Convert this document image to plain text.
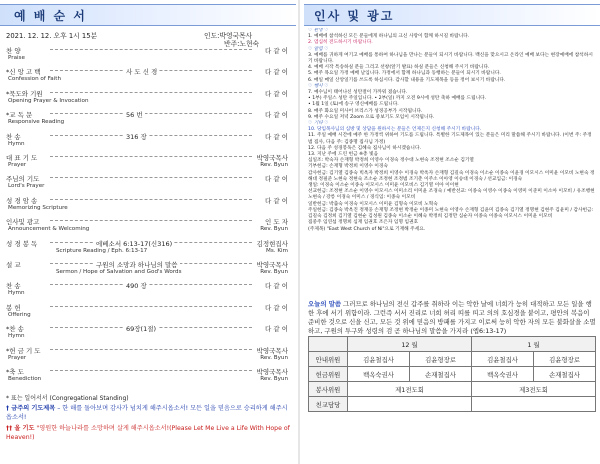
예 배 순 서
2021. 12. 12. 오후 1시 15분	인도:박영국목사
반주:노현숙
찬 양	다 같 이
Praise
*신 앙 고 백	사 도 신 경	다 같 이
Confession of Faith
*묵도와 기원	다 같 이
Opening Prayer & Invocation
*교 독 문	56 번	다 같 이
Responsive Reading
찬 송	316 장	다 같 이
Hymn
대 표 기 도	박영국목사
Prayer	Rev. Byun
주님의 기도	다 같 이
Lord's Prayer
성 경 암 송	다 같 이
Memorizing Scripture
인사및 광고	인 도 자
Announcement & Welcoming	Rev. Byun
성 경 봉 독	에베소서 6:13-17(신316)	김정현집사
Scripture Reading / Eph. 6:13-17	Ms. Kim
설 교	구원의 소망과 하나님의 말씀	박영국목사
Sermon / Hope of Salvation and God's Words	Rev. Byun
찬 송	490 장	다 같 이
Hymn
봉 헌	다 같 이
Offering
*찬 송	69장(1절)	다 같 이
Hymn
*헌 금 기 도	박영국목사
Prayer	Rev. Byun
*축 도	박영국목사
Benediction	Rev. Byun
* 표는 일어서서 (Congregational Standing)
† 금주의 기도제목 – 한 해를 돌아보며 감사가 넘치게 해주시옵소서! 모든 일을 믿음으로 승리하게 해주시옵소서!
†† 올 기도 "영원한 하늘나라를 소망하며 살게 해주시옵소서!(Please Let Me Live a Life With Hope of Heaven!)
인사 및 광고

♡ 환영 ♡

1. 예배에 참석하신 모든 분들에게 하나님의 크신 사랑이 함께 하시길 바랍니다.

2. 염심히 전도하시기 바랍니다.

♡ 알림 ♡

3. 예배를 귀하게 여기고 예배를 통하여 하나님을 만나는 분들이 되시기 바랍니다. 백신을 맞으시고 온라인 예배 보다는 현장예배에 참석하시기 바랍니다.

4. 예배 시작 특송하실 분들 그리고 선창(앞기 발표) 하실 분들은 신청해 주시기 바랍니다.

5. 매주 목요일 가정 예배 날입니다. 가정에서 함께 하나님과 동행하는 분들이 되시기 바랍니다.

6. 매일 매일 산앙일기를 쓰도록 하십시다. 감사할 내용을 기도제목을 등을 정어 보시기 바랍니다.

♡ 행사 ♡

7. 예수님이 태어나신 성탄절이 가까워 졌습니다.

• 1부) 주일스 성탄 주일입니다. • 2부(일) 까지 오전 9시에 성탄 축하 예배를 드립니다.

• 1월 1일 (토)에 송구 영신예배를 드립니다.

8. 매주 화요일 미사어 브리스가 성경공부가 시작됩니다.

9. 매주 수요일 저녁 Zoom 으로 중보기도 모임이 시작됩니다.

♡ 기타 ♡

10. 당임목사님의 심방 및 상담을 원하시는 분들은 언제든지 신청해 주시기 바랍니다.

11. 주일 예배 시간에 예주 한 가정씩 위하여 기도를 드립니다. 특별한 기도제목이 있는 분들은 미리 말씀해 주시기 바랍니다. (이번 주: 주정범 집사, 다음 주: 김종명 집사님 가정)

12. 다음 주 성경봉독은 김혜숙 집사님이 하시겠습니다.

13. 지난 주에 드린 헌금 ※총 빛음

십일조: 박숙자 손재형 박정희 이영수 이경숙 정수대 노현숙 조정현 조소순 김기열

기부헌금: 손재형 박정희 이영수 이경숙

감사헌금: 김기열 김종숙 빅옥자 박정희 이영수 이경숙 박옥자 손재형 김길숙 이경숙 이소순 이종숙 이윤경 이모시스 이미윤 이모비 노현숙 정해대 정필준 노현숙 정현숙 조소순 조정현 조정범 조기춘 이주소 이아영 이승대 이경숙 / 선교입금: 이경숙

생일: 이경숙 이소순 이종숙 이모시스 이미윤 이모비스 김기열 이아 이이현

선교헌금: 조정현 조소순 이영수 이모시스 이미소리 이미윤 조경숙 / 예반선교: 이종숙 이영수 이종숙 이영미 이준미 이소아 이모비 / 유조행현 노현숙 / 강릉 이경숙 이미스 / 경식임: 이종숙 이모비

일반헌금: 박출숙 이경숙 이모시스 이미윤 김형숙 이모비 노혁숙

주일헌금: 김종숙 박옥진 정재웅 손재형 조정현 박정순 이종미 노현숙 이영수 손재형 김윤미 김종숙 김기열 정명현 김현주 김윤미 / 감사헌금: 김길숙 김정희 김기열 김현순 김성원 김종숙 이소순 이혜숙 박정희 김정만 심순자 이종숙 이종숙 이모시스 이미윤 이모비

집중주 임연섭 정명희 심재 임권호 조은자 임명 임권호

(주제목) "East West Church of Ni"으로 기재해 주세요.

오늘의 말씀 그러므로 하나님의 전신 갑주를 취하라 이는 악한 날에 너희가 능히 대적하고 모든 일을 행한 후에 서기 위함이라. 그런즉 서서 진리로 너희 허리 띠를 띠고 의의 호심경을 붙이고, 평안의 복음이 준비한 것으로 신을 신고, 모든 것 위에 믿음의 방패를 가지고 이로써 능히 악한 자의 모든 불화살을 소멸하고, 구원의 투구와 성령의 검 곧 하나님의 말씀을 가지라 (엡6:13-17)
	12 월		1 월	
안내위원	김윤철집사	김윤형장로	김윤철집사	김윤형장로
헌금위원	백옥숙권사	손재철집사	백옥숙권사	손재철집사
봉사위원	제1전도회		제3전도회	
친교담당				
